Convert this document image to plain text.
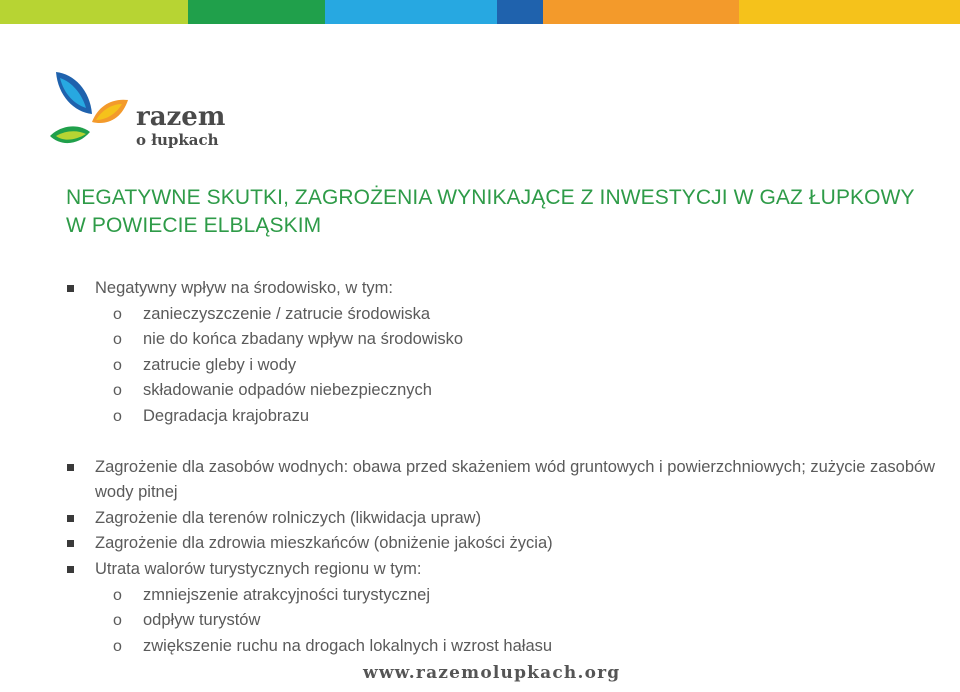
razem
o łupkach
NEGATYWNE SKUTKI, ZAGROŻENIA WYNIKAJĄCE Z INWESTYCJI W GAZ ŁUPKOWY W POWIECIE ELBLĄSKIM
Negatywny wpływ na środowisko, w tym:
o zanieczyszczenie / zatrucie środowiska
o nie do końca zbadany wpływ na środowisko
o zatrucie gleby i wody
o składowanie odpadów niebezpiecznych
o Degradacja krajobrazu
Zagrożenie dla zasobów wodnych: obawa przed skażeniem wód gruntowych i powierzchniowych; zużycie zasobów wody pitnej
Zagrożenie dla terenów rolniczych (likwidacja upraw)
Zagrożenie dla zdrowia mieszkańców (obniżenie jakości życia)
Utrata walorów turystycznych regionu w tym:
o zmniejszenie atrakcyjności turystycznej
o odpływ turystów
o zwiększenie ruchu na drogach lokalnych i wzrost hałasu
www.razemolupkach.org
